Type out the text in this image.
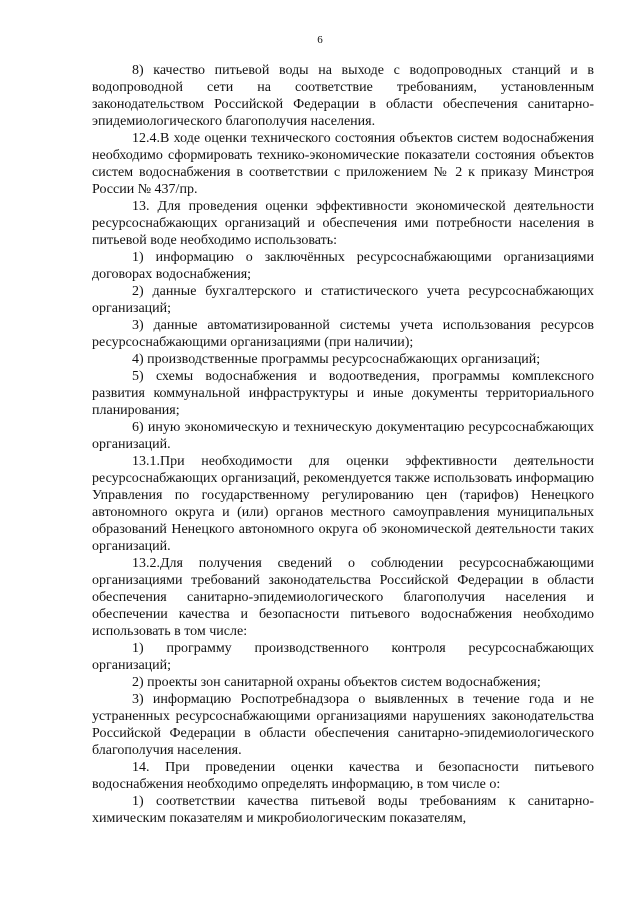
6

8) качество питьевой воды на выходе с водопроводных станций и в водопроводной сети на соответствие требованиям, установленным законодательством Российской Федерации в области обеспечения санитарно-эпидемиологического благополучия населения.

12.4.В ходе оценки технического состояния объектов систем водоснабжения необходимо сформировать технико-экономические показатели состояния объектов систем водоснабжения в соответствии с приложением № 2 к приказу Минстроя России № 437/пр.

13. Для проведения оценки эффективности экономической деятельности ресурсоснабжающих организаций и обеспечения ими потребности населения в питьевой воде необходимо использовать:

1) информацию о заключённых ресурсоснабжающими организациями договорах водоснабжения;

2) данные бухгалтерского и статистического учета ресурсоснабжающих организаций;

3) данные автоматизированной системы учета использования ресурсов ресурсоснабжающими организациями (при наличии);

4) производственные программы ресурсоснабжающих организаций;

5) схемы водоснабжения и водоотведения, программы комплексного развития коммунальной инфраструктуры и иные документы территориального планирования;

6) иную экономическую и техническую документацию ресурсоснабжающих организаций.

13.1.При необходимости для оценки эффективности деятельности ресурсоснабжающих организаций, рекомендуется также использовать информацию Управления по государственному регулированию цен (тарифов) Ненецкого автономного округа и (или) органов местного самоуправления муниципальных образований Ненецкого автономного округа об экономической деятельности таких организаций.

13.2.Для получения сведений о соблюдении ресурсоснабжающими организациями требований законодательства Российской Федерации в области обеспечения санитарно-эпидемиологического благополучия населения и обеспечении качества и безопасности питьевого водоснабжения необходимо использовать в том числе:

1) программу производственного контроля ресурсоснабжающих организаций;

2) проекты зон санитарной охраны объектов систем водоснабжения;

3) информацию Роспотребнадзора о выявленных в течение года и не устраненных ресурсоснабжающими организациями нарушениях законодательства Российской Федерации в области обеспечения санитарно-эпидемиологического благополучия населения.

14. При проведении оценки качества и безопасности питьевого водоснабжения необходимо определять информацию, в том числе о:

1) соответствии качества питьевой воды требованиям к санитарно-химическим показателям и микробиологическим показателям,
